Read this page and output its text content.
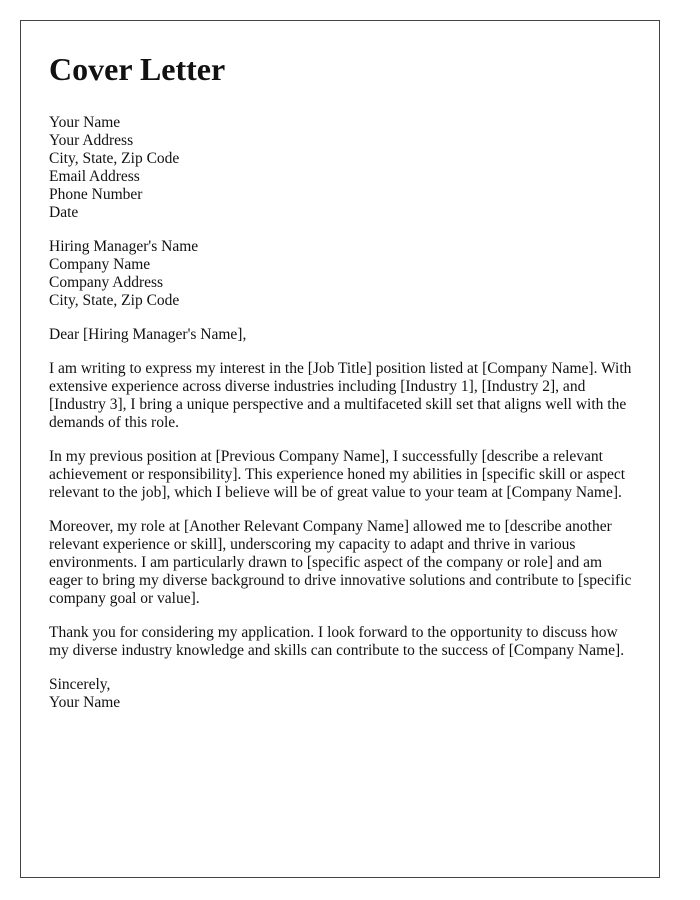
Cover Letter
Your Name
Your Address
City, State, Zip Code
Email Address
Phone Number
Date
Hiring Manager's Name
Company Name
Company Address
City, State, Zip Code

Dear [Hiring Manager's Name],

I am writing to express my interest in the [Job Title] position listed at [Company Name]. With extensive experience across diverse industries including [Industry 1], [Industry 2], and [Industry 3], I bring a unique perspective and a multifaceted skill set that aligns well with the demands of this role.

In my previous position at [Previous Company Name], I successfully [describe a relevant achievement or responsibility]. This experience honed my abilities in [specific skill or aspect relevant to the job], which I believe will be of great value to your team at [Company Name].

Moreover, my role at [Another Relevant Company Name] allowed me to [describe another relevant experience or skill], underscoring my capacity to adapt and thrive in various environments. I am particularly drawn to [specific aspect of the company or role] and am eager to bring my diverse background to drive innovative solutions and contribute to [specific company goal or value].

Thank you for considering my application. I look forward to the opportunity to discuss how my diverse industry knowledge and skills can contribute to the success of [Company Name].

Sincerely,
Your Name
